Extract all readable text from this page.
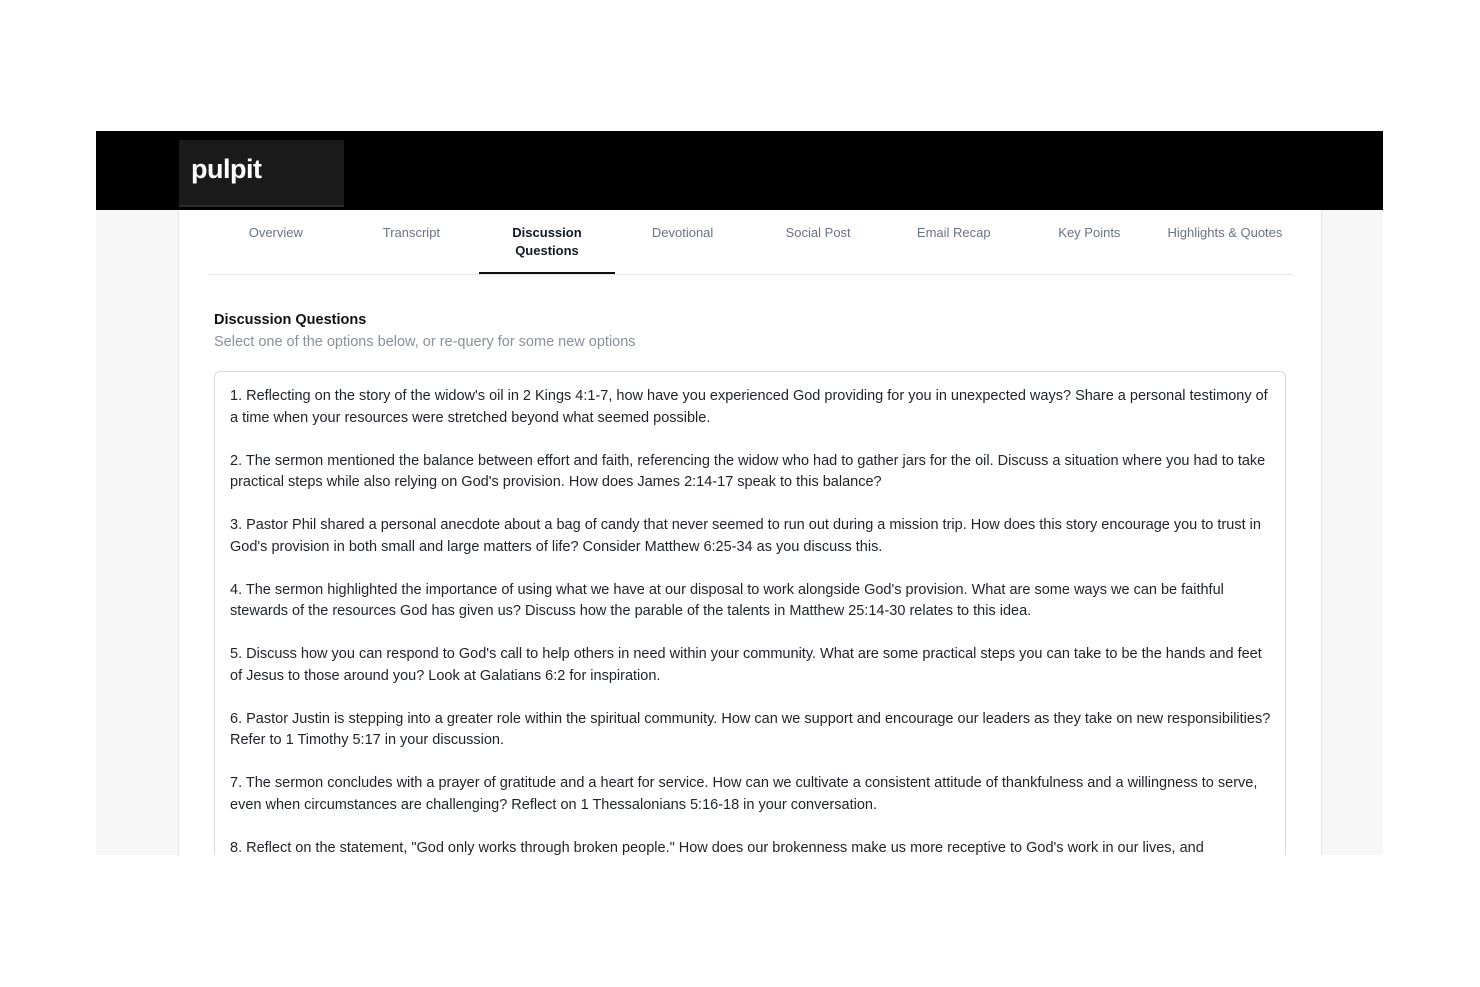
pulpit
Overview	Transcript	Discussion Questions
Devotional	Social Post	Email Recap	Key Points	Highlights & Quotes
Discussion Questions
Select one of the options below, or re-query for some new options

1. Reflecting on the story of the widow's oil in 2 Kings 4:1-7, how have you experienced God providing for you in unexpected ways? Share a personal testimony of a time when your resources were stretched beyond what seemed possible.

2. The sermon mentioned the balance between effort and faith, referencing the widow who had to gather jars for the oil. Discuss a situation where you had to take practical steps while also relying on God's provision. How does James 2:14-17 speak to this balance?

3. Pastor Phil shared a personal anecdote about a bag of candy that never seemed to run out during a mission trip. How does this story encourage you to trust in God's provision in both small and large matters of life? Consider Matthew 6:25-34 as you discuss this.

4. The sermon highlighted the importance of using what we have at our disposal to work alongside God's provision. What are some ways we can be faithful stewards of the resources God has given us? Discuss how the parable of the talents in Matthew 25:14-30 relates to this idea.

5. Discuss how you can respond to God's call to help others in need within your community. What are some practical steps you can take to be the hands and feet of Jesus to those around you? Look at Galatians 6:2 for inspiration.

6. Pastor Justin is stepping into a greater role within the spiritual community. How can we support and encourage our leaders as they take on new responsibilities? Refer to 1 Timothy 5:17 in your discussion.

7. The sermon concludes with a prayer of gratitude and a heart for service. How can we cultivate a consistent attitude of thankfulness and a willingness to serve, even when circumstances are challenging? Reflect on 1 Thessalonians 5:16-18 in your conversation.

8. Reflect on the statement, "God only works through broken people." How does our brokenness make us more receptive to God's work in our lives, and
